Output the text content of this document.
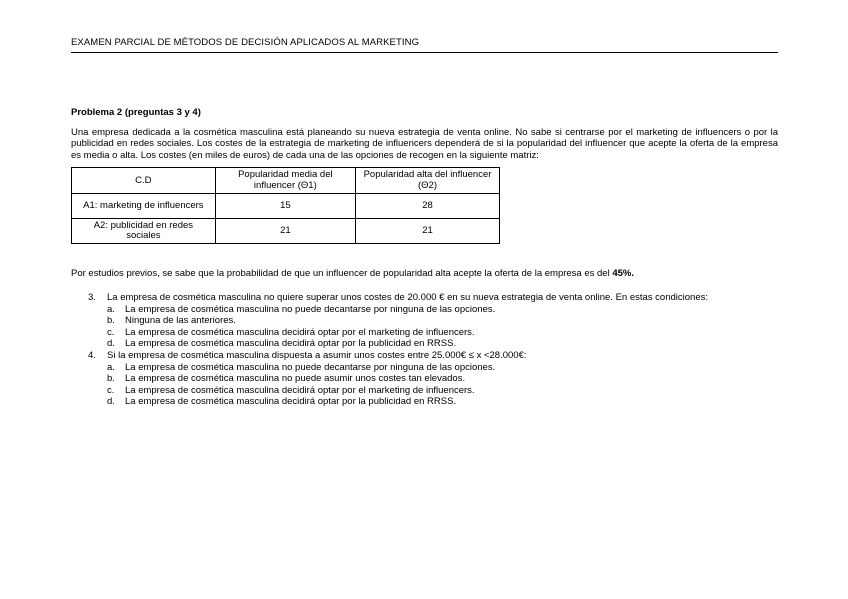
EXAMEN PARCIAL DE MÉTODOS DE DECISIÓN APLICADOS AL MARKETING

Problema 2 (preguntas 3 y 4)

Una empresa dedicada a la cosmética masculina está planeando su nueva estrategia de venta online. No sabe si centrarse por el marketing de influencers o por la publicidad en redes sociales. Los costes de la estrategia de marketing de influencers dependerá de si la popularidad del influencer que acepte la oferta de la empresa es media o alta. Los costes (en miles de euros) de cada una de las opciones de recogen en la siguiente matriz:

C.D	Popularidad media del influencer (Θ1)	Popularidad alta del influencer (Θ2)
A1: marketing de influencers	15	28
A2: publicidad en redes sociales	21	21
Por estudios previos, se sabe que la probabilidad de que un influencer de popularidad alta acepte la oferta de la empresa es del 45%.
3. La empresa de cosmética masculina no quiere superar unos costes de 20.000 € en su nueva estrategia de venta online. En estas condiciones:
a. La empresa de cosmética masculina no puede decantarse por ninguna de las opciones.
b. Ninguna de las anteriores.
c. La empresa de cosmética masculina decidirá optar por el marketing de influencers.
d. La empresa de cosmética masculina decidirá optar por la publicidad en RRSS.
4. Si la empresa de cosmética masculina dispuesta a asumir unos costes entre 25.000€ ≤ x <28.000€:
a. La empresa de cosmética masculina no puede decantarse por ninguna de las opciones.
b. La empresa de cosmética masculina no puede asumir unos costes tan elevados.
c. La empresa de cosmética masculina decidirá optar por el marketing de influencers.
d. La empresa de cosmética masculina decidirá optar por la publicidad en RRSS.
